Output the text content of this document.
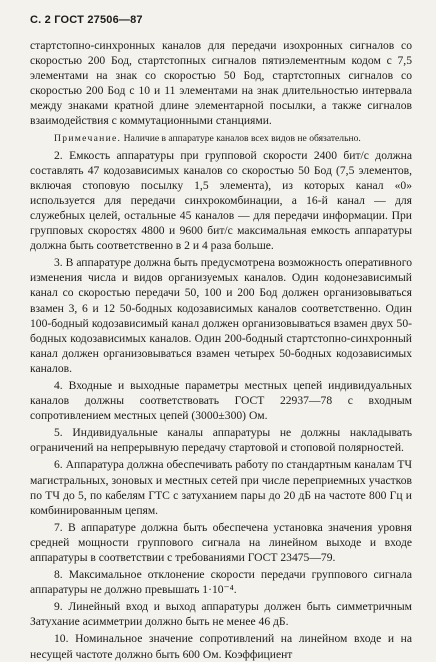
С. 2 ГОСТ 27506—87

стартстопно-синхронных каналов для передачи изохронных сигналов со скоростью 200 Бод, стартстопных сигналов пятиэлементным кодом с 7,5 элементами на знак со скоростью 50 Бод, стартстопных сигналов со скоростью 200 Бод с 10 и 11 элементами на знак длительностью интервала между знаками кратной длине элементарной посылки, а также сигналов взаимодействия с коммутационными станциями.

Примечание. Наличие в аппаратуре каналов всех видов не обязательно.

2. Емкость аппаратуры при групповой скорости 2400 бит/с должна составлять 47 кодозависимых каналов со скоростью 50 Бод (7,5 элементов, включая стоповую посылку 1,5 элемента), из которых канал «0» используется для передачи синхрокомбинации, а 16-й канал — для служебных целей, остальные 45 каналов — для передачи информации. При групповых скоростях 4800 и 9600 бит/с максимальная емкость аппаратуры должна быть соответственно в 2 и 4 раза больше.

3. В аппаратуре должна быть предусмотрена возможность оперативного изменения числа и видов организуемых каналов. Один кодонезависимый канал со скоростью передачи 50, 100 и 200 Бод должен организовываться взамен 3, 6 и 12 50-бодных кодозависимых каналов соответственно. Один 100-бодный кодозависимый канал должен организовываться взамен двух 50-бодных кодозависимых каналов. Один 200-бодный стартстопно-синхронный канал должен организовываться взамен четырех 50-бодных кодозависимых каналов.

4. Входные и выходные параметры местных цепей индивидуальных каналов должны соответствовать ГОСТ 22937—78 с входным сопротивлением местных цепей (3000±300) Ом.

5. Индивидуальные каналы аппаратуры не должны накладывать ограничений на непрерывную передачу стартовой и стоповой полярностей.

6. Аппаратура должна обеспечивать работу по стандартным каналам ТЧ магистральных, зоновых и местных сетей при числе переприемных участков по ТЧ до 5, по кабелям ГТС с затуханием пары до 20 дБ на частоте 800 Гц и комбинированным цепям.

7. В аппаратуре должна быть обеспечена установка значения уровня средней мощности группового сигнала на линейном выходе и входе аппаратуры в соответствии с требованиями ГОСТ 23475—79.

8. Максимальное отклонение скорости передачи группового сигнала аппаратуры не должно превышать 1·10⁻⁴.

9. Линейный вход и выход аппаратуры должен быть симметричным Затухание асимметрии должно быть не менее 46 дБ.

10. Номинальное значение сопротивлений на линейном входе и на несущей частоте должно быть 600 Ом. Коэффициент
